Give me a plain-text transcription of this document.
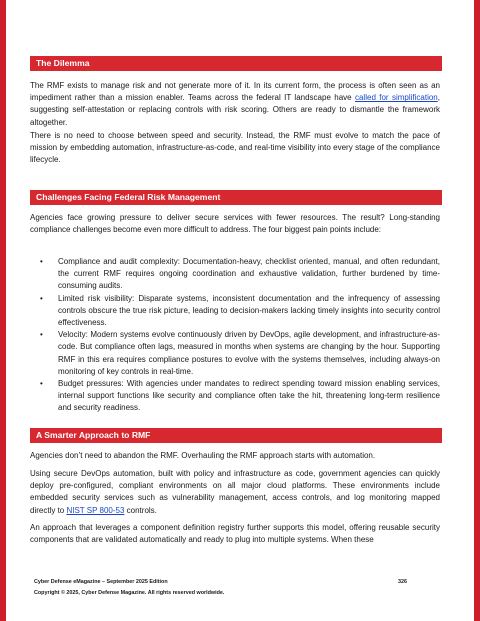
The Dilemma

The RMF exists to manage risk and not generate more of it. In its current form, the process is often seen as an impediment rather than a mission enabler. Teams across the federal IT landscape have called for simplification, suggesting self-attestation or replacing controls with risk scoring. Others are ready to dismantle the framework altogether.

There is no need to choose between speed and security. Instead, the RMF must evolve to match the pace of mission by embedding automation, infrastructure-as-code, and real-time visibility into every stage of the compliance lifecycle.

Challenges Facing Federal Risk Management

Agencies face growing pressure to deliver secure services with fewer resources. The result? Long-standing compliance challenges become even more difficult to address. The four biggest pain points include:

• Compliance and audit complexity: Documentation-heavy, checklist oriented, manual, and often redundant, the current RMF requires ongoing coordination and exhaustive validation, further burdened by time-consuming audits.
• Limited risk visibility: Disparate systems, inconsistent documentation and the infrequency of assessing controls obscure the true risk picture, leading to decision-makers lacking timely insights into security control effectiveness.
• Velocity: Modern systems evolve continuously driven by DevOps, agile development, and infrastructure-as-code. But compliance often lags, measured in months when systems are changing by the hour. Supporting RMF in this era requires compliance postures to evolve with the systems themselves, including always-on monitoring of key controls in real-time.
• Budget pressures: With agencies under mandates to redirect spending toward mission enabling services, internal support functions like security and compliance often take the hit, threatening long-term resilience and security readiness.
A Smarter Approach to RMF

Agencies don’t need to abandon the RMF. Overhauling the RMF approach starts with automation.

Using secure DevOps automation, built with policy and infrastructure as code, government agencies can quickly deploy pre-configured, compliant environments on all major cloud platforms. These environments include embedded security services such as vulnerability management, access controls, and log monitoring mapped directly to NIST SP 800-53 controls.

An approach that leverages a component definition registry further supports this model, offering reusable security components that are validated automatically and ready to plug into multiple systems. When these

Cyber Defense eMagazine – September 2025 Edition	326
Copyright © 2025, Cyber Defense Magazine. All rights reserved worldwide.
